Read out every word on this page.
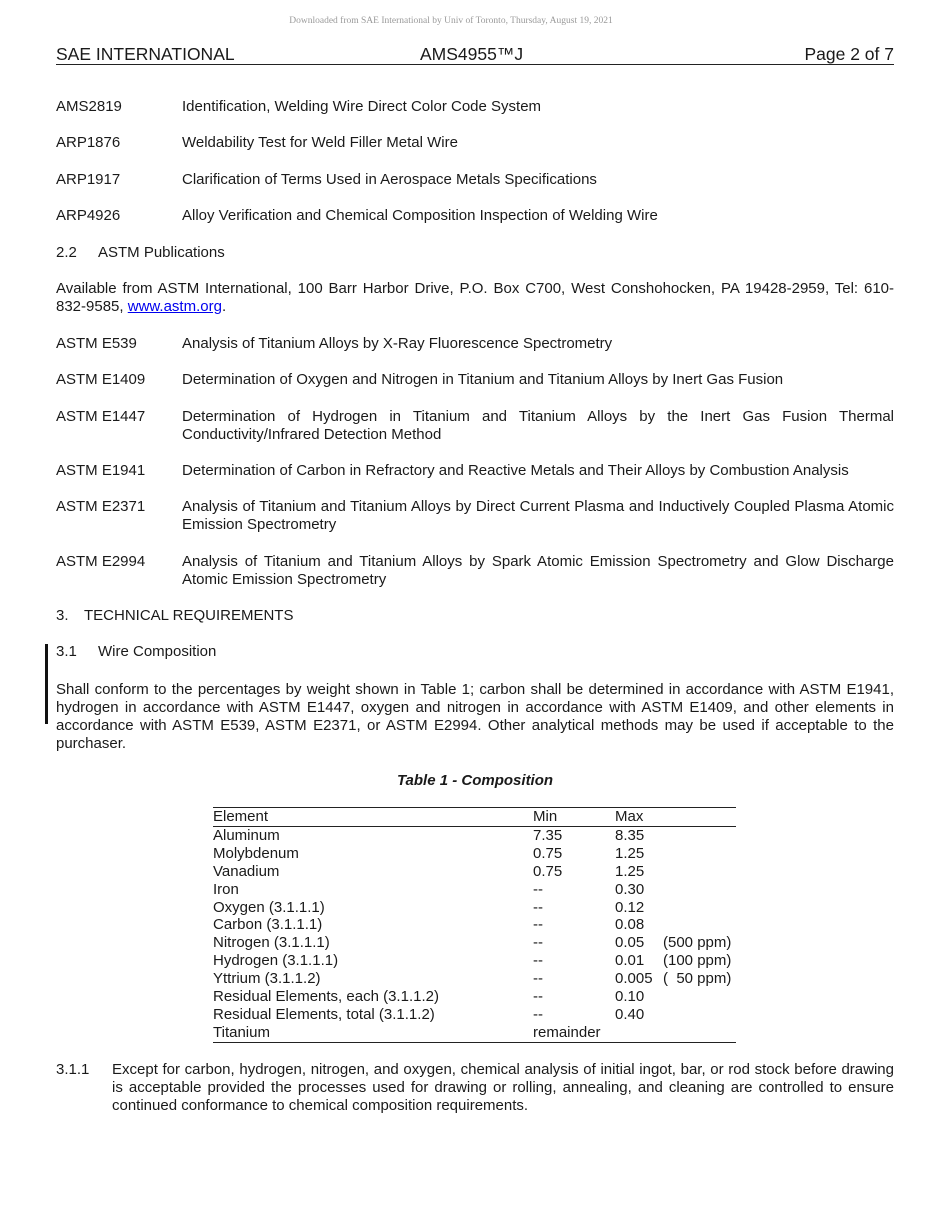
Downloaded from SAE International by Univ of Toronto, Thursday, August 19, 2021
SAE INTERNATIONAL	AMS4955™J	Page 2 of 7
AMS2819	Identification, Welding Wire Direct Color Code System
ARP1876	Weldability Test for Weld Filler Metal Wire
ARP1917	Clarification of Terms Used in Aerospace Metals Specifications
ARP4926	Alloy Verification and Chemical Composition Inspection of Welding Wire
2.2 ASTM Publications
Available from ASTM International, 100 Barr Harbor Drive, P.O. Box C700, West Conshohocken, PA 19428-2959, Tel: 610-832-9585, www.astm.org.
ASTM E539	Analysis of Titanium Alloys by X-Ray Fluorescence Spectrometry
ASTM E1409 Determination of Oxygen and Nitrogen in Titanium and Titanium Alloys by Inert Gas Fusion
ASTM E1447 Determination of Hydrogen in Titanium and Titanium Alloys by the Inert Gas Fusion Thermal Conductivity/Infrared Detection Method
ASTM E1941 Determination of Carbon in Refractory and Reactive Metals and Their Alloys by Combustion Analysis
ASTM E2371 Analysis of Titanium and Titanium Alloys by Direct Current Plasma and Inductively Coupled Plasma Atomic Emission Spectrometry
ASTM E2994 Analysis of Titanium and Titanium Alloys by Spark Atomic Emission Spectrometry and Glow Discharge Atomic Emission Spectrometry
3. TECHNICAL REQUIREMENTS
3.1 Wire Composition
Shall conform to the percentages by weight shown in Table 1; carbon shall be determined in accordance with ASTM E1941, hydrogen in accordance with ASTM E1447, oxygen and nitrogen in accordance with ASTM E1409, and other elements in accordance with ASTM E539, ASTM E2371, or ASTM E2994. Other analytical methods may be used if acceptable to the purchaser.
Table 1 - Composition
Element	Min	Max	
Aluminum	7.35	8.35	
Molybdenum	0.75	1.25	
Vanadium	0.75	1.25	
Iron	--	0.30	
Oxygen (3.1.1.1)	--	0.12	
Carbon (3.1.1.1)	--	0.08	
Nitrogen (3.1.1.1)	--	0.05	(500 ppm)
Hydrogen (3.1.1.1)	--	0.01	(100 ppm)
Yttrium (3.1.1.2)	--	0.005	(  50 ppm)
Residual Elements, each (3.1.1.2)	--	0.10	
Residual Elements, total (3.1.1.2)	--	0.40	
Titanium	remainder		
3.1.1 Except for carbon, hydrogen, nitrogen, and oxygen, chemical analysis of initial ingot, bar, or rod stock before drawing is acceptable provided the processes used for drawing or rolling, annealing, and cleaning are controlled to ensure continued conformance to chemical composition requirements.
